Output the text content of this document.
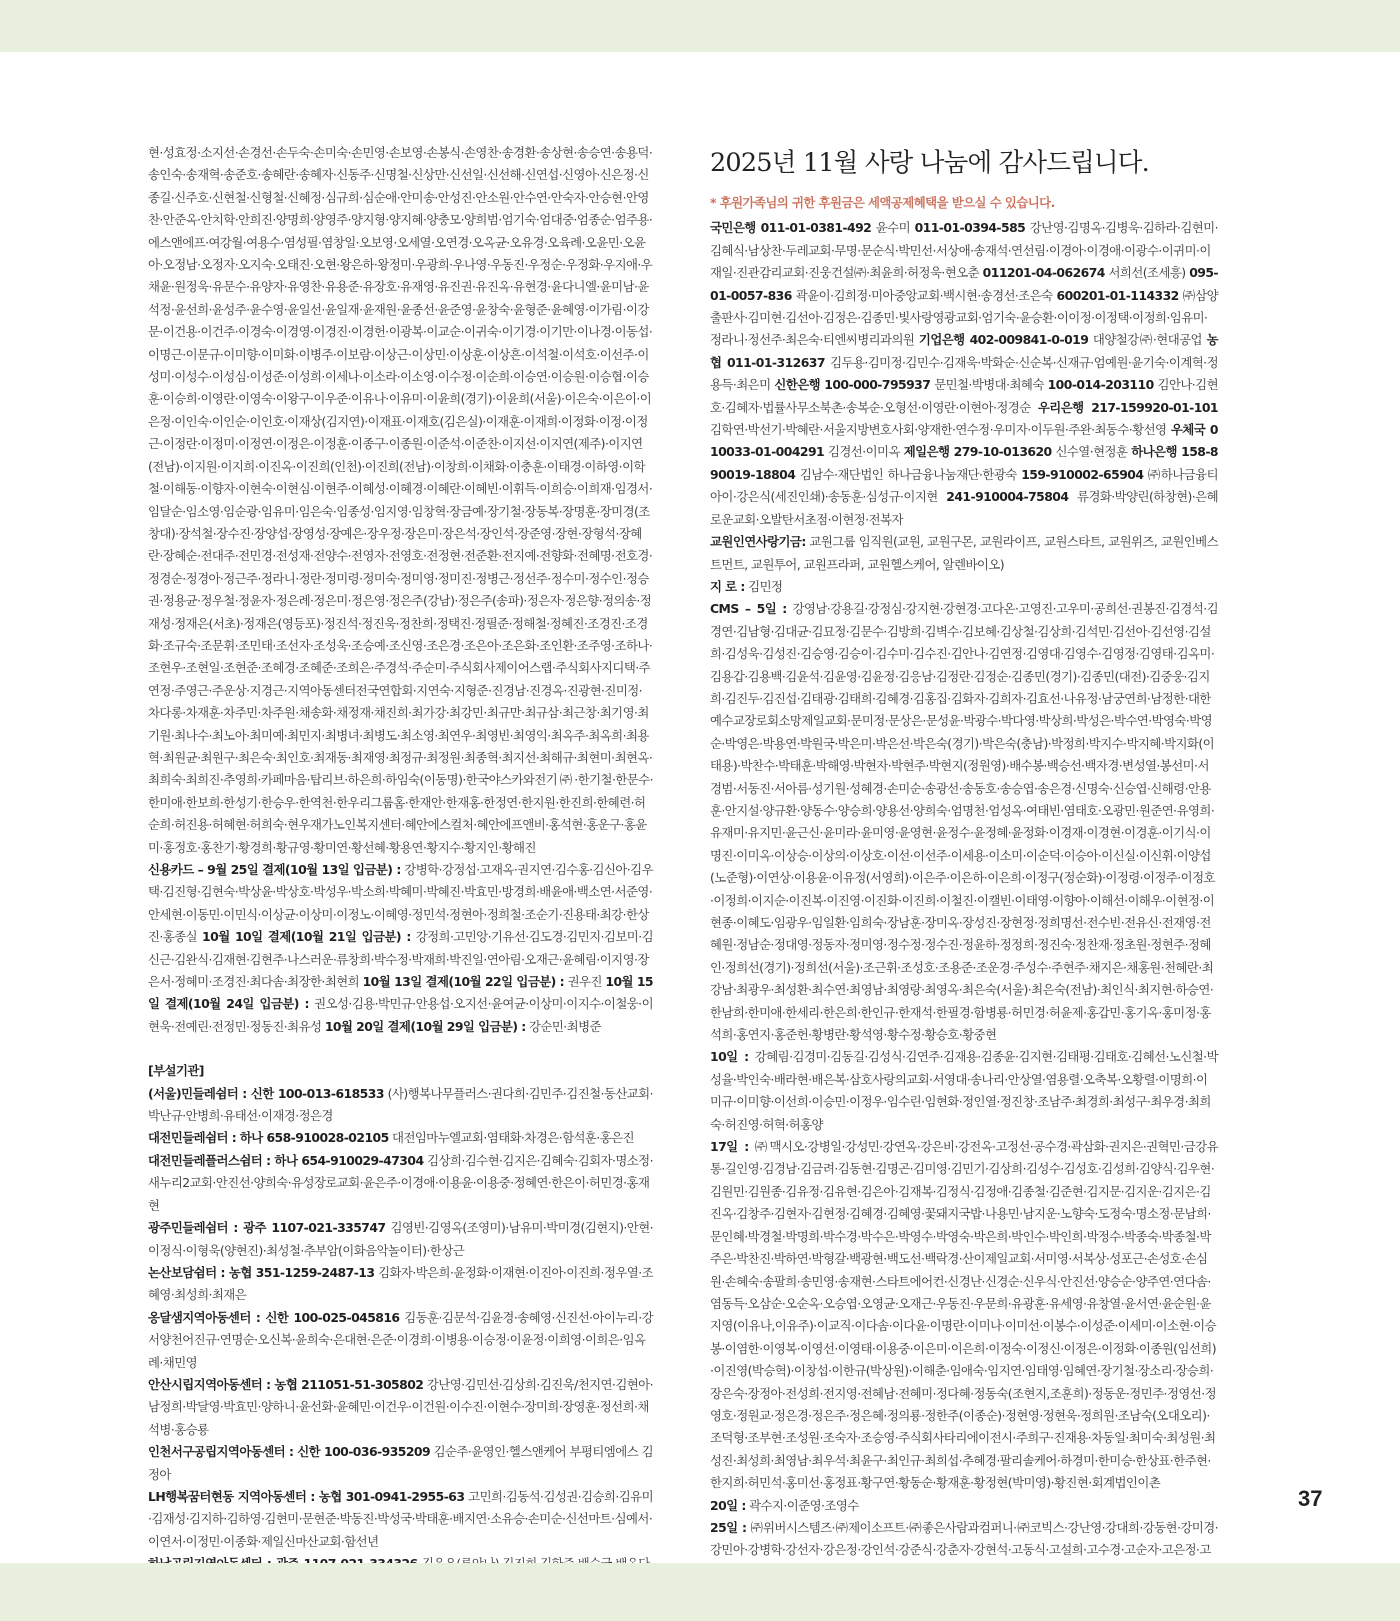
현·성효정·소지선·손경선·손두숙·손미숙·손민영·손보영·손봉식·손영찬·송경환·송상현·송승연·송용덕·송인숙·송재혁·송준호·송혜란·송혜자·신동주·신명철·신상만·신선일·신선해·신연섭·신영아·신은정·신종길·신주호·신현철·신형철·신혜정·심규희·심순애·안미송·안성진·안소원·안수연·안숙자·안승현·안영찬·안준옥·안치학·안희진·양명희·양영주·양지형·양지혜·양충모·양희범·엄기숙·엄대중·엄종순·엄주용·에스앤에프·여강월·여용수·염성필·염창일·오보영·오세열·오연경·오옥균·오유경·오육례·오윤민·오윤아·오정남·오정자·오지숙·오태진·오현·왕은하·왕정미·우광희·우나영·우동진·우정순·우정화·우지애·우채윤·원정욱·유문수·유양자·유영찬·유용준·유장호·유재영·유진권·유진옥·유현경·윤다니엘·윤미남·윤석정·윤선희·윤성주·윤수영·윤일선·윤일재·윤재원·윤종선·윤준영·윤창숙·윤형준·윤혜영·이가림·이강문·이건용·이건주·이경숙·이경영·이경진·이경헌·이광복·이교순·이귀숙·이기경·이기만·이나경·이동섭·이명근·이문규·이미향·이미화·이병주·이보람·이상근·이상민·이상훈·이상흔·이석철·이석호·이선주·이성미·이성수·이성심·이성준·이성희·이세나·이소라·이소영·이수정·이순희·이승연·이승원·이승협·이승훈·이승희·이영란·이영숙·이왕구·이우준·이유나·이유미·이윤희(경기)·이윤희(서울)·이은숙·이은이·이은정·이인숙·이인순·이인호·이재상(김지연)·이재표·이재호(김은실)·이재훈·이재희·이정화·이정·이정근·이정란·이정미·이정연·이정은·이정훈·이종구·이종원·이준석·이준찬·이지선·이지연(제주)·이지연(전남)·이지원·이지희·이진옥·이진희(인천)·이진희(전남)·이창희·이채화·이충훈·이태경·이하영·이학철·이해동·이향자·이현숙·이현심·이현주·이혜성·이혜경·이혜란·이혜빈·이휘득·이희승·이희재·임경서·임달순·임소영·임순광·임유미·임은숙·임종성·임지영·임창혁·장금예·장기철·장동복·장명훈·장미경(조창대)·장석철·장수진·장양섭·장영성·장예은·장우정·장은미·장은석·장인석·장준영·장현·장형석·장혜란·장혜순·전대주·전민경·전성재·전양수·전영자·전영호·전정현·전준환·전지예·전향화·전혜명·전호경·정경순·정경아·정근주·정라니·정란·정미령·정미숙·정미영·정미진·정병근·정선주·정수미·정수인·정승권·정용균·정우철·정윤자·정은례·정은미·정은영·정은주(강남)·정은주(송파)·정은자·정은향·정의송·정재성·정재은(서초)·정재은(영등포)·정진석·정진욱·정찬희·정택진·정필준·정해철·정혜진·조경진·조경화·조규숙·조문휘·조민태·조선자·조성욱·조승예·조신영·조은경·조은아·조은화·조인환·조주영·조하나·조현우·조현일·조현준·조혜경·조혜준·조희은·주경석·주순미·주식회사제이어스랩·주식회사지디택·주연정·주영근·주운상·지경근·지역아동센터전국연합회·지연숙·지형준·진경남·진경옥·진광현·진미정·차다롱·차재훈·차주민·차주원·채송화·채정재·채진희·최가강·최강민·최규만·최규삼·최근창·최기영·최기원·최나수·최노아·최미예·최민지·최병녀·최병도·최소영·최연우·최영빈·최영익·최옥주·최옥희·최용혁·최원균·최원구·최은숙·최인호·최재동·최재영·최정규·최정원·최종혁·최지선·최해규·최현미·최현옥·최희숙·최희진·추영희·카페마음·탑리브·하은희·하임숙(이동명)·한국야스카와전기㈜·한기철·한문수·한미애·한보희·한성기·한승우·한역천·한우리그룹홈·한재안·한재홍·한정연·한지원·한진희·한혜련·허순희·허진용·허혜현·허희숙·현우재가노인복지센터·혜안에스컬처·혜안에프앤비·홍석현·홍운구·홍윤미·홍정호·홍찬기·황경희·황규영·황미연·황선혜·황용연·황지수·황지인·황해진

신용카드 – 9월 25일 결제(10월 13일 입금분) : 강병학·강정섭·고재옥·권지연·김수홍·김신아·김우택·김진형·김현숙·박상윤·박상호·박성우·박소희·박혜미·박혜진·박효민·방경희·배윤애·백소연·서준영·안세현·이동민·이민식·이상균·이상미·이정노·이혜영·정민석·정현아·정희철·조순기·진용태·최강·한상진·홍종실 10월 10일 결제(10월 21일 입금분) : 강정희·고민앙·기유선·김도경·김민지·김보미·김신근·김완식·김재현·김현주·나스러운·류창희·박수정·박재희·박진일·연아림·오재근·윤혜림·이지영·장은서·정혜미·조경진·최다솜·최장한·최현희 10월 13일 결제(10월 22일 입금분) : 권우진 10월 15일 결제(10월 24일 입금분) : 권오성·김용·박민규·안용섭·오지선·윤여균·이상미·이지수·이철웅·이현욱·전예린·전정민·정동진·최유성 10월 20일 결제(10월 29일 입금분) : 강순민·최병준

[부설기관]

(서울)민들레쉼터 : 신한 100-013-618533 (사)행복나무플러스·권다희·김민주·김진철·동산교회·박난규·안병희·유태선·이재경·정은경

대전민들레쉼터 : 하나 658-910028-02105 대전임마누엘교회·염태화·차경은·함석훈·홍은진

대전민들레플러스쉼터 : 하나 654-910029-47304 김상희·김수현·김지은·김혜숙·김회자·명소정·새누리2교회·안진선·양희숙·유성장로교회·윤은주·이경애·이용윤·이용중·정혜연·한은이·허민경·홍재현

광주민들레쉼터 : 광주 1107-021-335747 김영빈·김영옥(조영미)·남유미·박미경(김현지)·안현·이정식·이형욱(양현진)·최성철·추부암(이화음악놀이터)·한상근

논산보담쉼터 : 농협 351-1259-2487-13 김화자·박은희·윤정화·이재현·이진아·이진희·정우열·조혜영·최성희·최재은

옹달샘지역아동센터 : 신한 100-025-045816 김동훈·김문석·김윤경·송혜영·신진선·아이누리·강서양천어진규·연명순·오신복·윤희숙·은대현·은준·이경희·이병용·이승정·이윤정·이희영·이희은·임옥례·채민영

안산시립지역아동센터 : 농협 211051-51-305802 강난영·김민선·김상희·김진욱/천지연·김현아·남정희·박달영·박효민·양하니·윤선화·윤혜민·이건우·이건원·이수진·이현수·장미희·장영훈·정선희·채석병·홍승룡

인천서구공립지역아동센터 : 신한 100-036-935209 김순주·윤영인·헬스앤케어 부평티엠에스 김정아

LH행복꿈터현동 지역아동센터 : 농협 301-0941-2955-63 고민희·김동석·김성권·김승희·김유미·김재성·김지하·김하영·김현미·문현준·박동진·박성국·박태훈·배지연·소유승·손미순·신선마트·심예서·이연서·이정민·이종화·제일신마산교회·함선년

2025년 11월 사랑 나눔에 감사드립니다.
* 후원가족님의 귀한 후원금은 세액공제혜택을 받으실 수 있습니다.

국민은행 011-01-0381-492 윤수미 011-01-0394-585 강난영·김명옥·김병욱·김하라·김현미·김혜식·남상찬·두레교회·무명·문순식·박민선·서상애·송재석·연선림·이경아·이경애·이광수·이귀미·이재일·진관감리교회·진웅건설㈜·최윤희·허정욱·현오춘 011201-04-062674 서희선(조세흥) 095-01-0057-836 곽윤이·김희정·미아중앙교회·백시현·송경선·조은숙 600201-01-114332 ㈜삼양출판사·김미현·김선아·김정은·김종민·빛사랑영광교회·엄기숙·윤승환·이이정·이정택·이정희·임유미·정라니·정선주·최은숙·티엔씨병리과의원 기업은행 402-009841-0-019 대양철강㈜·현대공업 농협 011-01-312637 김두용·김미정·김민수·김재욱·박화순·신순복·신재규·엄예원·윤기숙·이계혁·정용득·최은미 신한은행 100-000-795937 문민철·박병대·최혜숙 100-014-203110 김안나·김현호·김혜자·법률사무소북촌·송복순·오형선·이영란·이현아·정경순 우리은행 217-159920-01-101 김학연·박선기·박혜란·서울지방변호사회·양재한·연수정·우미자·이두원·주완·최동수·황선영 우체국 010033-01-004291 김경선·이미옥 제일은행 279-10-013620 신수열·현정훈 하나은행 158-890019-18804 김남수·재단법인 하나금융나눔재단·한광숙 159-910002-65904 ㈜하나금융티아이·강은식(세진인쇄)·송동훈·심성규·이지현 241-910004-75804 류경화·박양린(하창현)·은혜로운교회·오발탄서초점·이현정·전복자

교원인연사랑기금: 교원그룹 임직원(교원, 교원구몬, 교원라이프, 교원스타트, 교원위즈, 교원인베스트먼트, 교원투어, 교원프라퍼, 교원헬스케어, 알렌바이오)

지 로 : 김민정

CMS – 5일 : 강영남·강용길·강정심·강지현·강현경·고다온·고영진·고우미·공희선·권봉진·김경석·김경연·김남형·김대균·김묘정·김문수·김방희·김벽수·김보혜·김상철·김상희·김석민·김선아·김선영·김설희·김성욱·김성진·김승영·김승이·김수미·김수진·김안나·김연정·김영대·김영수·김영정·김영태·김옥미·김용갑·김용백·김윤석·김윤영·김윤정·김응남·김정란·김정순·김종민(경기)·김종민(대전)·김중웅·김지희·김진두·김진섭·김태광·김태희·김혜경·김홍집·김화자·김희자·김효선·나유정·남궁연희·남정한·대한예수교장로회소망제일교회·문미정·문상은·문성윤·박광수·박다영·박상희·박성은·박수연·박영숙·박영순·박영은·박용연·박원국·박은미·박은선·박은숙(경기)·박은숙(충남)·박정희·박지수·박지혜·박지화(이태용)·박찬수·박태훈·박해영·박현자·박현주·박현지(정원영)·배수봉·백승선·백자경·변성열·봉선미·서경범·서동진·서아름·성기원·성혜경·손미순·송광선·송동호·송승엽·송은경·신명숙·신승엽·신해령·안용훈·안지설·양규환·양동수·양승희·양용선·양희숙·엄명천·엄성옥·여태빈·염태호·오광민·원준연·유영희·유재미·유지민·윤근신·윤미라·윤미영·윤영현·윤정수·윤정혜·윤정화·이경재·이경현·이경훈·이기식·이명진·이미옥·이상승·이상의·이상호·이선·이선주·이세용·이소미·이순덕·이승아·이신실·이신휘·이양섭(노준형)·이연상·이용윤·이유정(서영희)·이은주·이은하·이은희·이정구(정순화)·이정령·이정주·이정호·이정희·이지순·이진복·이진영·이진화·이진희·이철진·이캘빈·이태영·이향아·이해선·이해우·이현정·이현종·이혜도·임광우·임일환·임희숙·장남훈·장미옥·장성진·장현정·정희명선·전수빈·전유신·전재영·전혜원·정남순·정대영·정동자·정미영·정수정·정수진·정윤하·정정희·정진숙·정찬재·정초원·정현주·정혜인·정희선(경기)·정희선(서울)·조근휘·조성호·조용준·조운경·주성수·주현주·채지은·채홍원·천혜란·최강남·최광우·최성환·최수연·최영남·최영랑·최영옥·최은숙(서울)·최은숙(전남)·최인식·최지현·하승연·한남희·한미애·한세리·한은희·한인규·한재석·한필경·함병룡·허민경·허윤제·홍갑민·홍기옥·홍미정·홍석희·홍연지·홍준헌·황병란·황석영·황수정·황승호·황중현

10일 : 강혜림·김경미·김동길·김성식·김연주·김재용·김종윤·김지현·김태평·김태호·김혜선·노신철·박성율·박인숙·배라현·배은복·삼호사랑의교회·서영대·송나리·안상열·염용렬·오축복·오황렬·이명희·이미규·이미향·이선희·이승민·이정우·임수린·임현화·정인열·정진창·조남주·최경희·최성구·최우경·최희숙·허진영·허혁·허홍양

17일 : ㈜맥시오·강병일·강성민·강연옥·강은비·강전옥·고정선·공수경·곽삼화·권지은·권혁민·금강유통·길인영·김경남·김금려·김동현·김명곤·김미영·김민기·김상희·김성수·김성호·김성희·김양식·김우현·김원민·김원종·김유정·김유현·김은아·김재복·김정식·김정애·김종철·김준현·김지문·김지운·김지은·김진옥·김창주·김현자·김현정·김혜경·김혜영·꽃돼지국밥·나용민·남지운·노향숙·도정숙·명소정·문남희·문인혜·박경철·박명희·박수경·박수은·박영수·박영숙·박은희·박인수·박인희·박정수·박종숙·박종철·박주은·박찬진·박하연·박형갈·백광현·백도선·백락경·산이제일교회·서미영·서복상·성포근·손성호·손심원·손혜숙·송팔희·송민영·송재현·스타트에어컨·신경난·신경순·신우식·안진선·양승순·양주연·연다솜·염동득·오삼순·오순옥·오승엽·오영균·오재근·우동진·우문희·유광훈·유세영·유창열·윤서연·윤순원·윤지영(이유나,이유주)·이교직·이다솜·이다윤·이명란·이미나·이미선·이봉수·이성준·이세미·이소현·이승봉·이염한·이영복·이영선·이영태·이용중·이은미·이은희·이정숙·이정신·이정은·이정화·이종원(임선희)·이진영(박승혁)·이창섭·이한규(박상원)·이해춘·임애숙·임지연·임태영·임혜연·장기철·장소리·장승희·장은숙·장정아·전성희·전지영·전혜남·전혜미·정다혜·정동숙(조현지,조훈희)·정동운·정민주·정영선·정영호·정원교·정은경·정은주·정은혜·정의룡·정한주(이종순)·정현영·정현욱·정희원·조남숙(오대오리)·조덕형·조부현·조성원·조숙자·조승영·주식회사타리에이전시·주희구·진재용·차동일·최미숙·최성원·최성진·최성희·최영남·최우석·최윤구·최인규·최희섭·추혜경·팔리솔케어·하경미·한미승·한상표·한주현·한지희·허민석·홍미선·홍정표·황구연·황동순·황재훈·황정현(박미영)·황진현·회계법인이촌

20일 : 곽수지·이준영·조영수

25일 : ㈜위버시스템즈·㈜제이소프트·㈜좋은사람과컴퍼니·㈜코빅스·강난영·강대희·강동현·강미경·강민아·강병학·강선자·강은정·강인석·강준식·강춘자·강현석·고동식·고설희·고수경·고순자·고은정·고

37
